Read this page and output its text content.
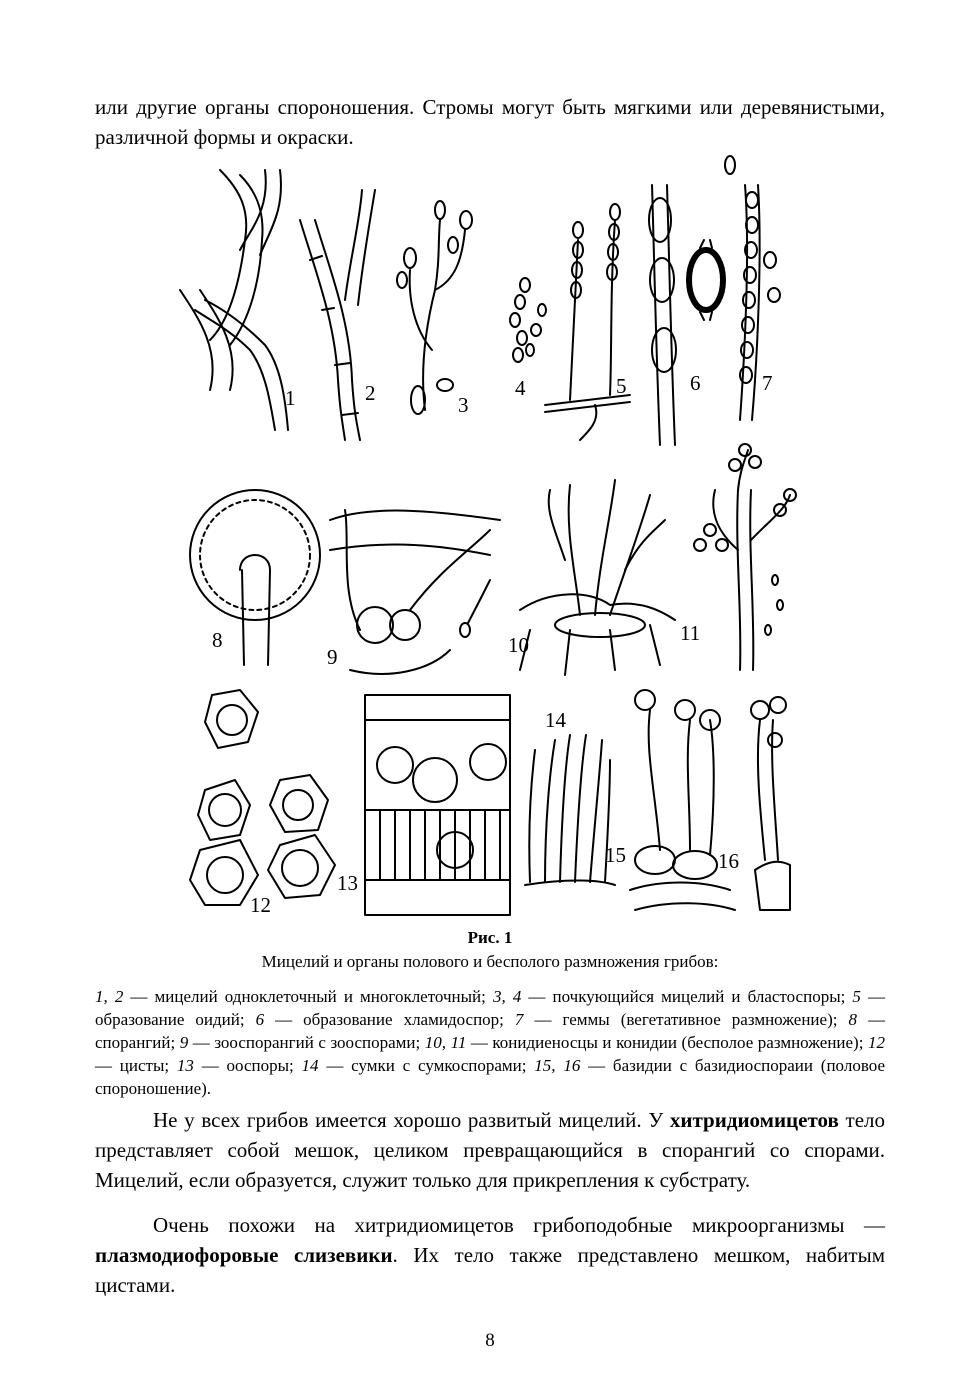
или другие органы спороношения. Стромы могут быть мягкими или деревянистыми, различной формы и окраски.

1	2	3
4	5	6	7
8
9	10	11
12
13
14
15	16

Рис. 1

Мицелий и органы полового и бесполого размножения грибов:

1, 2 — мицелий одноклеточный и многоклеточный; 3, 4 — почкующийся мицелий и бластоспоры; 5 — образование оидий; 6 — образование хламидоспор; 7 — геммы (вегетативное размножение); 8 — спорангий; 9 — зооспорангий с зооспорами; 10, 11 — конидиеносцы и конидии (бесполое размножение); 12 — цисты; 13 — ооспоры; 14 — сумки с сумкоспорами; 15, 16 — базидии с базидиоспораии (половое спороношение).

Не у всех грибов имеется хорошо развитый мицелий. У хитридиомицетов тело представляет собой мешок, целиком превращающийся в спорангий со спорами. Мицелий, если образуется, служит только для прикрепления к субстрату.

Очень похожи на хитридиомицетов грибоподобные микроорганизмы — плазмодиофоровые слизевики. Их тело также представлено мешком, набитым цистами.

8
